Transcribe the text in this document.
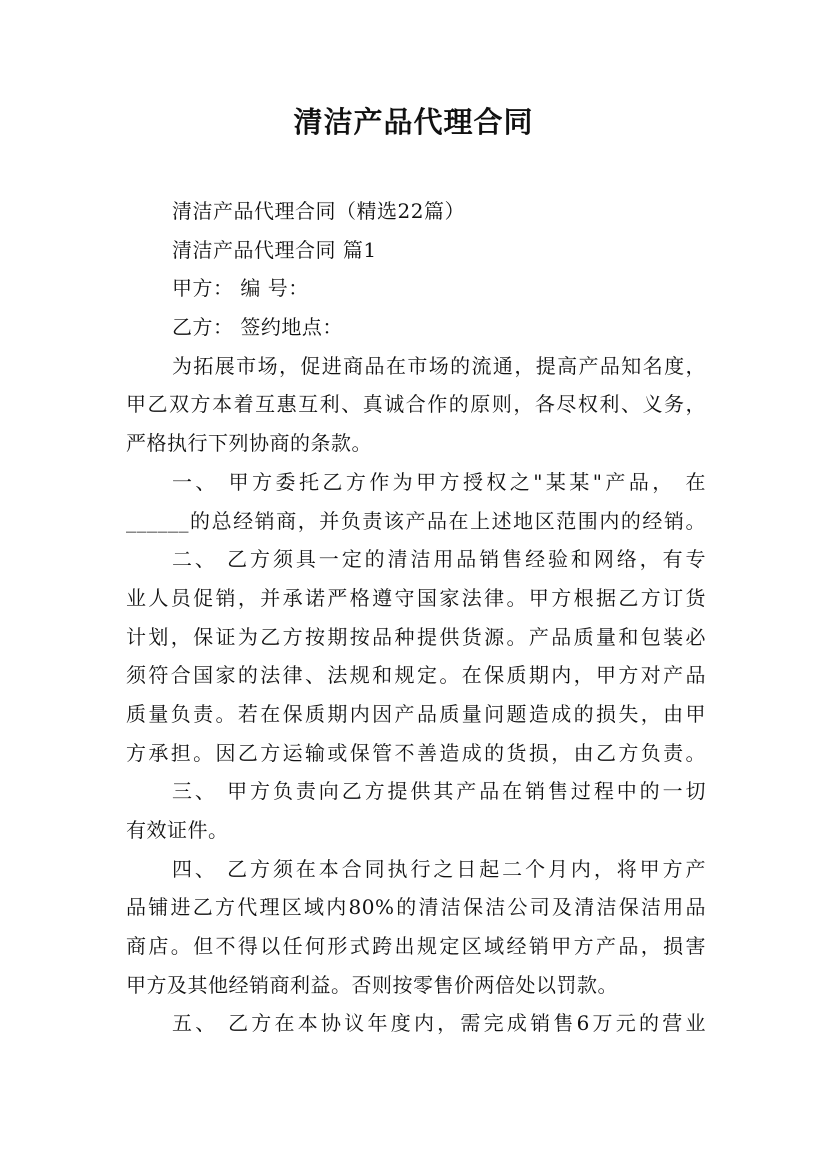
清洁产品代理合同
清洁产品代理合同（精选22篇）
清洁产品代理合同 篇1
甲方： 编 号：
乙方： 签约地点：
为拓展市场，促进商品在市场的流通，提高产品知名度，
甲乙双方本着互惠互利、真诚合作的原则，各尽权利、义务，
严格执行下列协商的条款。
一、 甲方委托乙方作为甲方授权之"某某"产品， 在
______的总经销商，并负责该产品在上述地区范围内的经销。
二、 乙方须具一定的清洁用品销售经验和网络，有专
业人员促销，并承诺严格遵守国家法律。甲方根据乙方订货
计划，保证为乙方按期按品种提供货源。产品质量和包装必
须符合国家的法律、法规和规定。在保质期内，甲方对产品
质量负责。若在保质期内因产品质量问题造成的损失，由甲
方承担。因乙方运输或保管不善造成的货损，由乙方负责。
三、 甲方负责向乙方提供其产品在销售过程中的一切
有效证件。
四、 乙方须在本合同执行之日起二个月内，将甲方产
品铺进乙方代理区域内80%的清洁保洁公司及清洁保洁用品
商店。但不得以任何形式跨出规定区域经销甲方产品，损害
甲方及其他经销商利益。否则按零售价两倍处以罚款。
五、 乙方在本协议年度内，需完成销售6万元的营业
